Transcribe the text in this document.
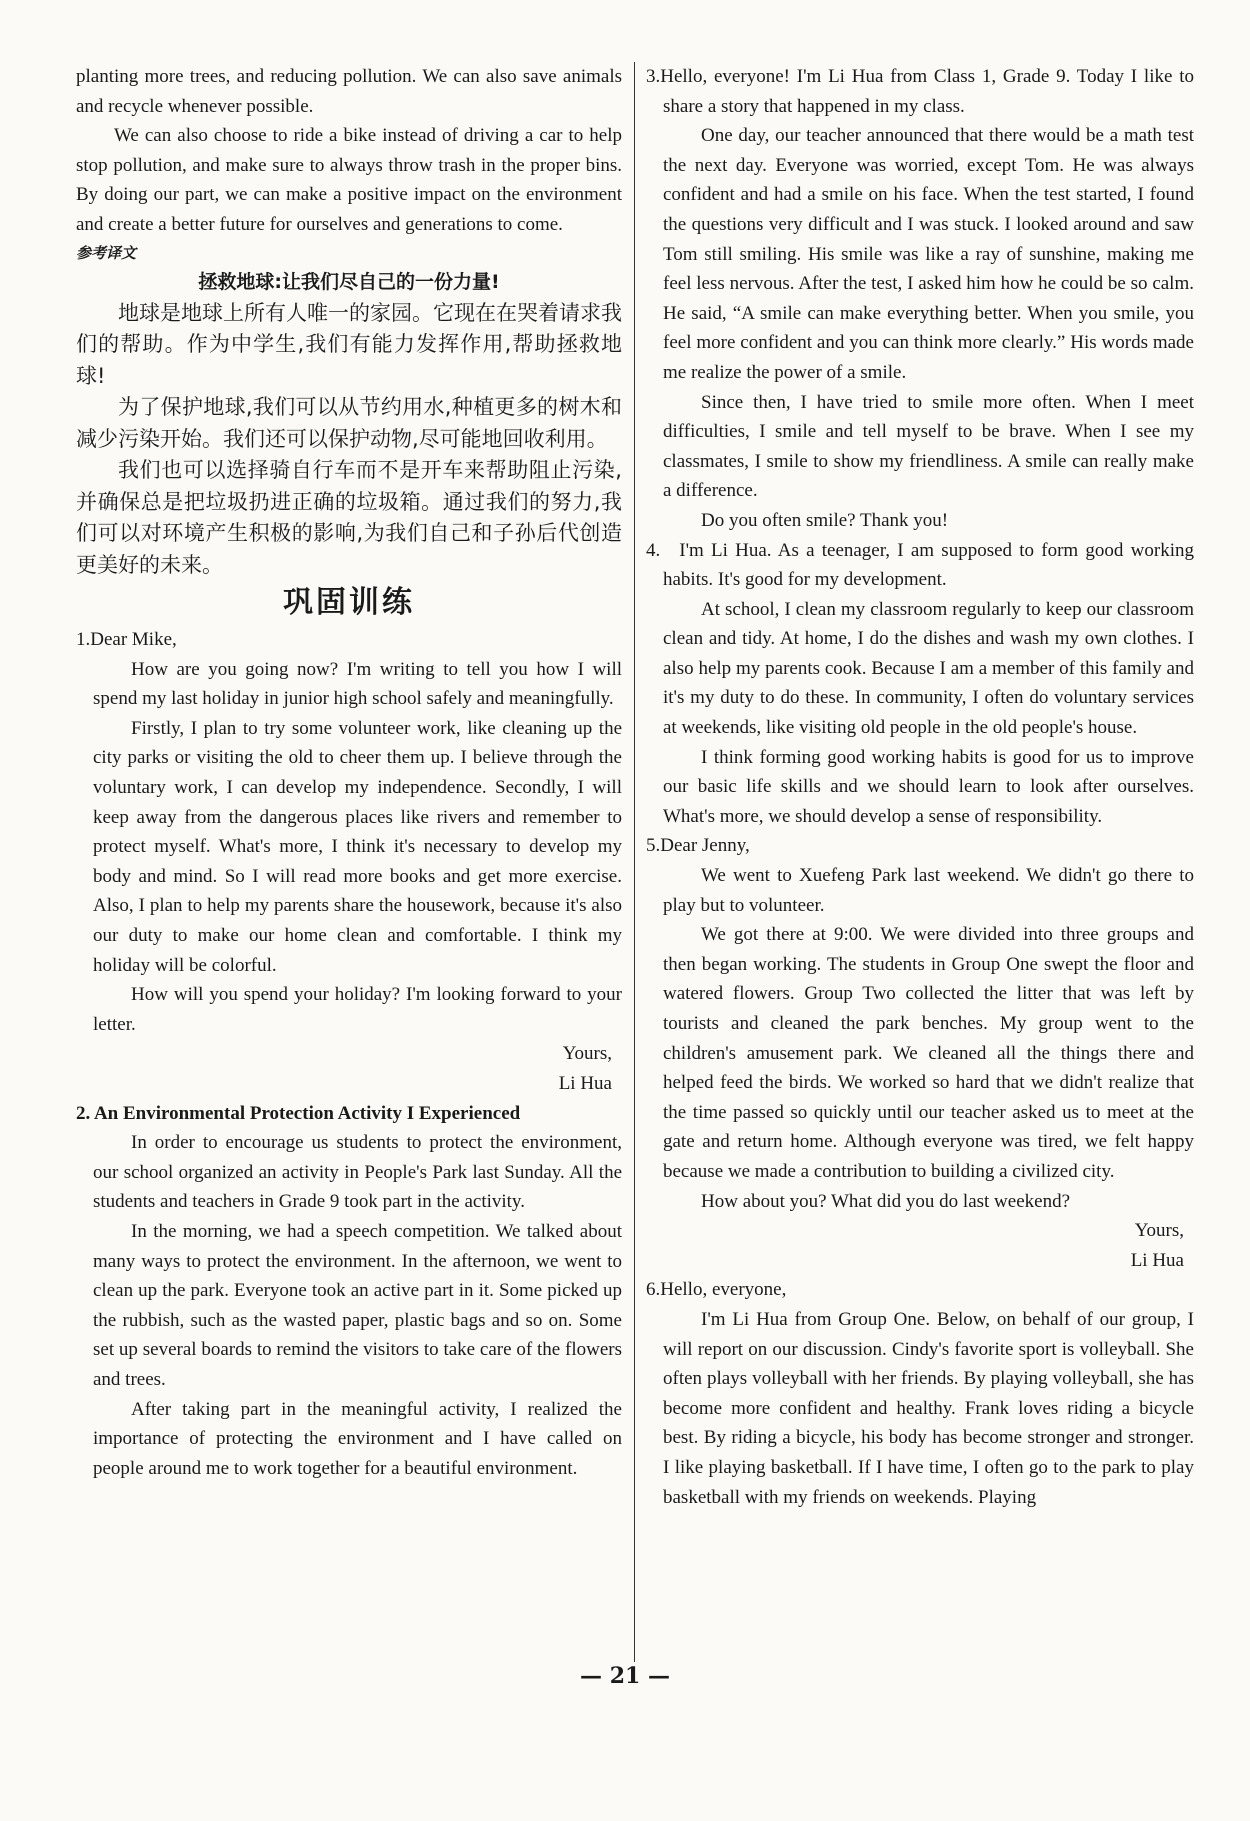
planting more trees, and reducing pollution. We can also save animals and recycle whenever possible.

We can also choose to ride a bike instead of driving a car to help stop pollution, and make sure to always throw trash in the proper bins. By doing our part, we can make a positive impact on the environment and create a better future for ourselves and generations to come.

参考译文
拯救地球:让我们尽自己的一份力量!

地球是地球上所有人唯一的家园。它现在在哭着请求我们的帮助。作为中学生,我们有能力发挥作用,帮助拯救地球!

为了保护地球,我们可以从节约用水,种植更多的树木和减少污染开始。我们还可以保护动物,尽可能地回收利用。

我们也可以选择骑自行车而不是开车来帮助阻止污染,并确保总是把垃圾扔进正确的垃圾箱。通过我们的努力,我们可以对环境产生积极的影响,为我们自己和子孙后代创造更美好的未来。

巩固训练

1.Dear Mike,

How are you going now? I'm writing to tell you how I will spend my last holiday in junior high school safely and meaningfully.

Firstly, I plan to try some volunteer work, like cleaning up the city parks or visiting the old to cheer them up. I believe through the voluntary work, I can develop my independence. Secondly, I will keep away from the dangerous places like rivers and remember to protect myself. What's more, I think it's necessary to develop my body and mind. So I will read more books and get more exercise. Also, I plan to help my parents share the housework, because it's also our duty to make our home clean and comfortable. I think my holiday will be colorful.

How will you spend your holiday? I'm looking forward to your letter.

Yours,

Li Hua

2. An Environmental Protection Activity I Experienced

In order to encourage us students to protect the environment, our school organized an activity in People's Park last Sunday. All the students and teachers in Grade 9 took part in the activity.

In the morning, we had a speech competition. We talked about many ways to protect the environment. In the afternoon, we went to clean up the park. Everyone took an active part in it. Some picked up the rubbish, such as the wasted paper, plastic bags and so on. Some set up several boards to remind the visitors to take care of the flowers and trees.

After taking part in the meaningful activity, I realized the importance of protecting the environment and I have called on people around me to work together for a beautiful environment.

3.Hello, everyone! I'm Li Hua from Class 1, Grade 9. Today I like to share a story that happened in my class.

One day, our teacher announced that there would be a math test the next day. Everyone was worried, except Tom. He was always confident and had a smile on his face. When the test started, I found the questions very difficult and I was stuck. I looked around and saw Tom still smiling. His smile was like a ray of sunshine, making me feel less nervous. After the test, I asked him how he could be so calm. He said, “A smile can make everything better. When you smile, you feel more confident and you can think more clearly.” His words made me realize the power of a smile.

Since then, I have tried to smile more often. When I meet difficulties, I smile and tell myself to be brave. When I see my classmates, I smile to show my friendliness. A smile can really make a difference.

Do you often smile? Thank you!

4. I'm Li Hua. As a teenager, I am supposed to form good working habits. It's good for my development.

At school, I clean my classroom regularly to keep our classroom clean and tidy. At home, I do the dishes and wash my own clothes. I also help my parents cook. Because I am a member of this family and it's my duty to do these. In community, I often do voluntary services at weekends, like visiting old people in the old people's house.

I think forming good working habits is good for us to improve our basic life skills and we should learn to look after ourselves. What's more, we should develop a sense of responsibility.

5.Dear Jenny,

We went to Xuefeng Park last weekend. We didn't go there to play but to volunteer.

We got there at 9:00. We were divided into three groups and then began working. The students in Group One swept the floor and watered flowers. Group Two collected the litter that was left by tourists and cleaned the park benches. My group went to the children's amusement park. We cleaned all the things there and helped feed the birds. We worked so hard that we didn't realize that the time passed so quickly until our teacher asked us to meet at the gate and return home. Although everyone was tired, we felt happy because we made a contribution to building a civilized city.

How about you? What did you do last weekend?

Yours,

Li Hua

6.Hello, everyone,

I'm Li Hua from Group One. Below, on behalf of our group, I will report on our discussion. Cindy's favorite sport is volleyball. She often plays volleyball with her friends. By playing volleyball, she has become more confident and healthy. Frank loves riding a bicycle best. By riding a bicycle, his body has become stronger and stronger. I like playing basketball. If I have time, I often go to the park to play basketball with my friends on weekends. Playing

— 21 —
